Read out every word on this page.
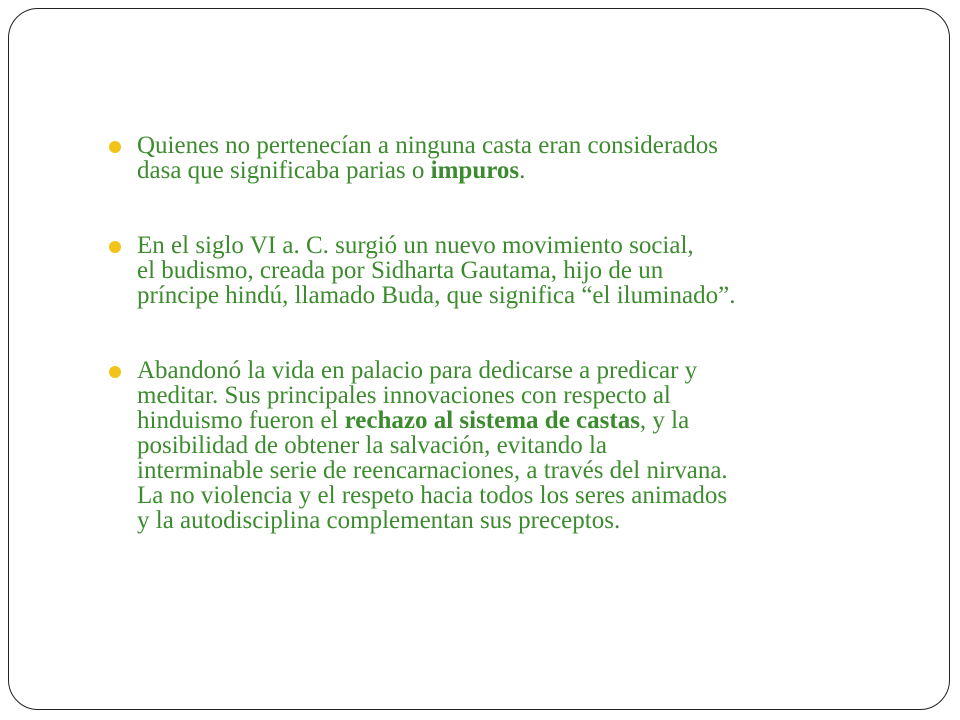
Quienes no pertenecían a ninguna casta eran considerados
dasa que significaba parias o impuros.
En el siglo VI a. C. surgió un nuevo movimiento social,
el budismo, creada por Sidharta Gautama, hijo de un
príncipe hindú, llamado Buda, que significa “el iluminado”.
Abandonó la vida en palacio para dedicarse a predicar y
meditar. Sus principales innovaciones con respecto al
hinduismo fueron el rechazo al sistema de castas, y la
posibilidad de obtener la salvación, evitando la
interminable serie de reencarnaciones, a través del nirvana.
La no violencia y el respeto hacia todos los seres animados
y la autodisciplina complementan sus preceptos.
